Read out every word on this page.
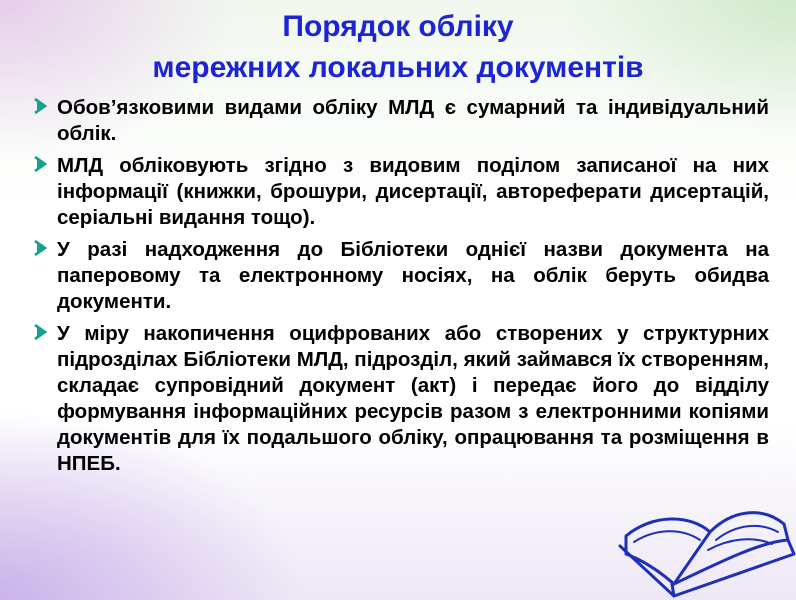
Порядок обліку
мережних локальних документів
Обов’язковими видами обліку МЛД є сумарний та індивідуальний облік.
МЛД обліковують згідно з видовим поділом записаної на них інформації (книжки, брошури, дисертації, автореферати дисертацій, серіальні видання тощо).
У разі надходження до Бібліотеки однієї назви документа на паперовому та електронному носіях, на облік беруть обидва документи.
У міру накопичення оцифрованих або створених у структурних підрозділах Бібліотеки МЛД, підрозділ, який займався їх створенням, складає супровідний документ (акт) і передає його до відділу формування інформаційних ресурсів разом з електронними копіями документів для їх подальшого обліку, опрацювання та розміщення в НПЕБ.
